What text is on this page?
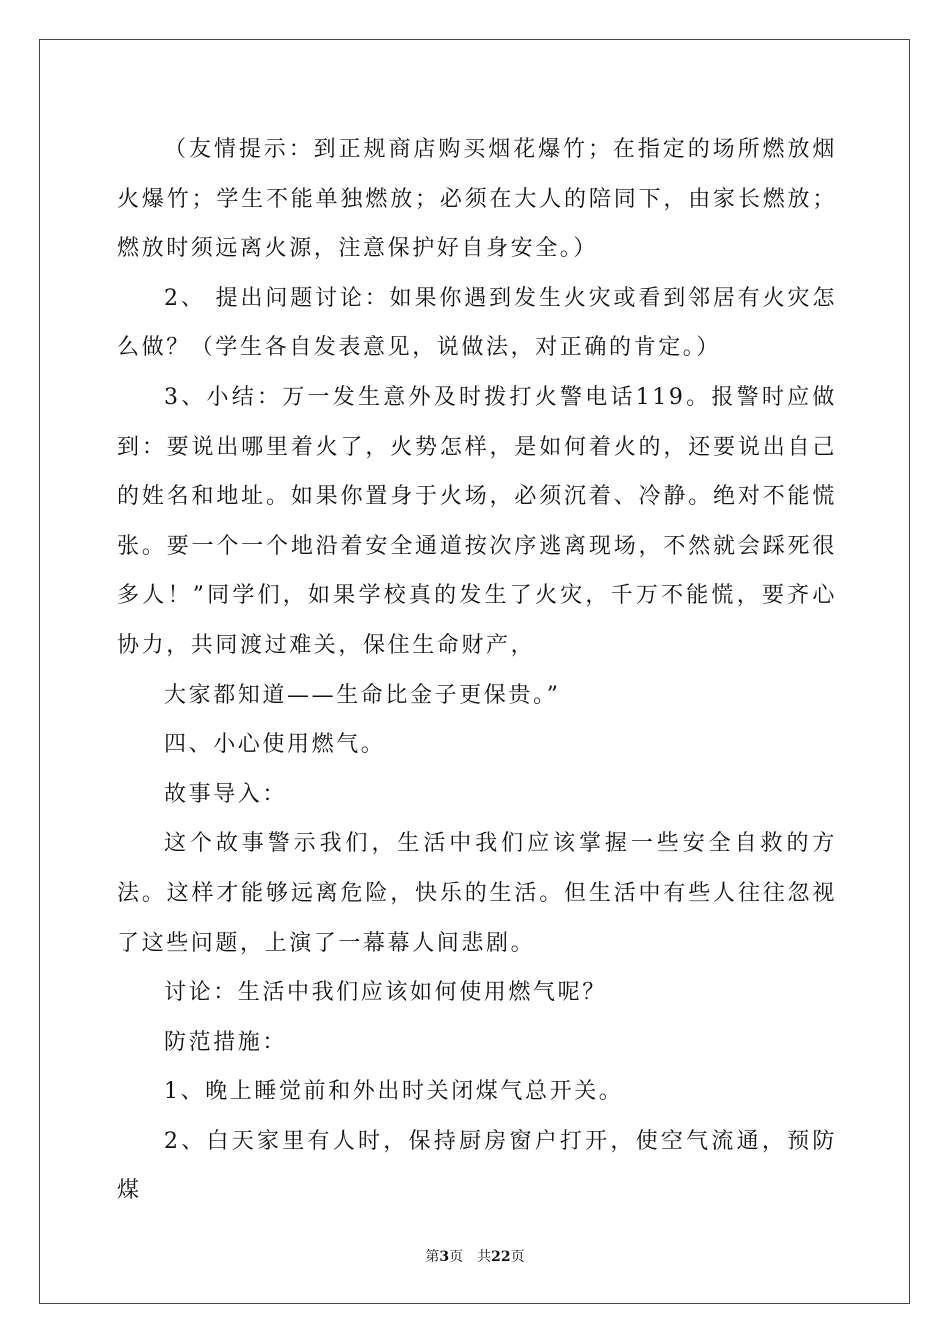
（友情提示：到正规商店购买烟花爆竹；在指定的场所燃放烟火爆竹；学生不能单独燃放；必须在大人的陪同下，由家长燃放；燃放时须远离火源，注意保护好自身安全。）

2、 提出问题讨论：如果你遇到发生火灾或看到邻居有火灾怎么做？（学生各自发表意见，说做法，对正确的肯定。）

3、小结：万一发生意外及时拨打火警电话119。报警时应做到：要说出哪里着火了，火势怎样，是如何着火的，还要说出自己的姓名和地址。如果你置身于火场，必须沉着、冷静。绝对不能慌张。要一个一个地沿着安全通道按次序逃离现场，不然就会踩死很多人！”同学们，如果学校真的发生了火灾，千万不能慌，要齐心协力，共同渡过难关，保住生命财产，

大家都知道——生命比金子更保贵。”

四、小心使用燃气。

故事导入：

这个故事警示我们，生活中我们应该掌握一些安全自救的方法。这样才能够远离危险，快乐的生活。但生活中有些人往往忽视了这些问题，上演了一幕幕人间悲剧。

讨论：生活中我们应该如何使用燃气呢？

防范措施：

1、晚上睡觉前和外出时关闭煤气总开关。

2、白天家里有人时，保持厨房窗户打开，使空气流通，预防煤

第3页　共22页
